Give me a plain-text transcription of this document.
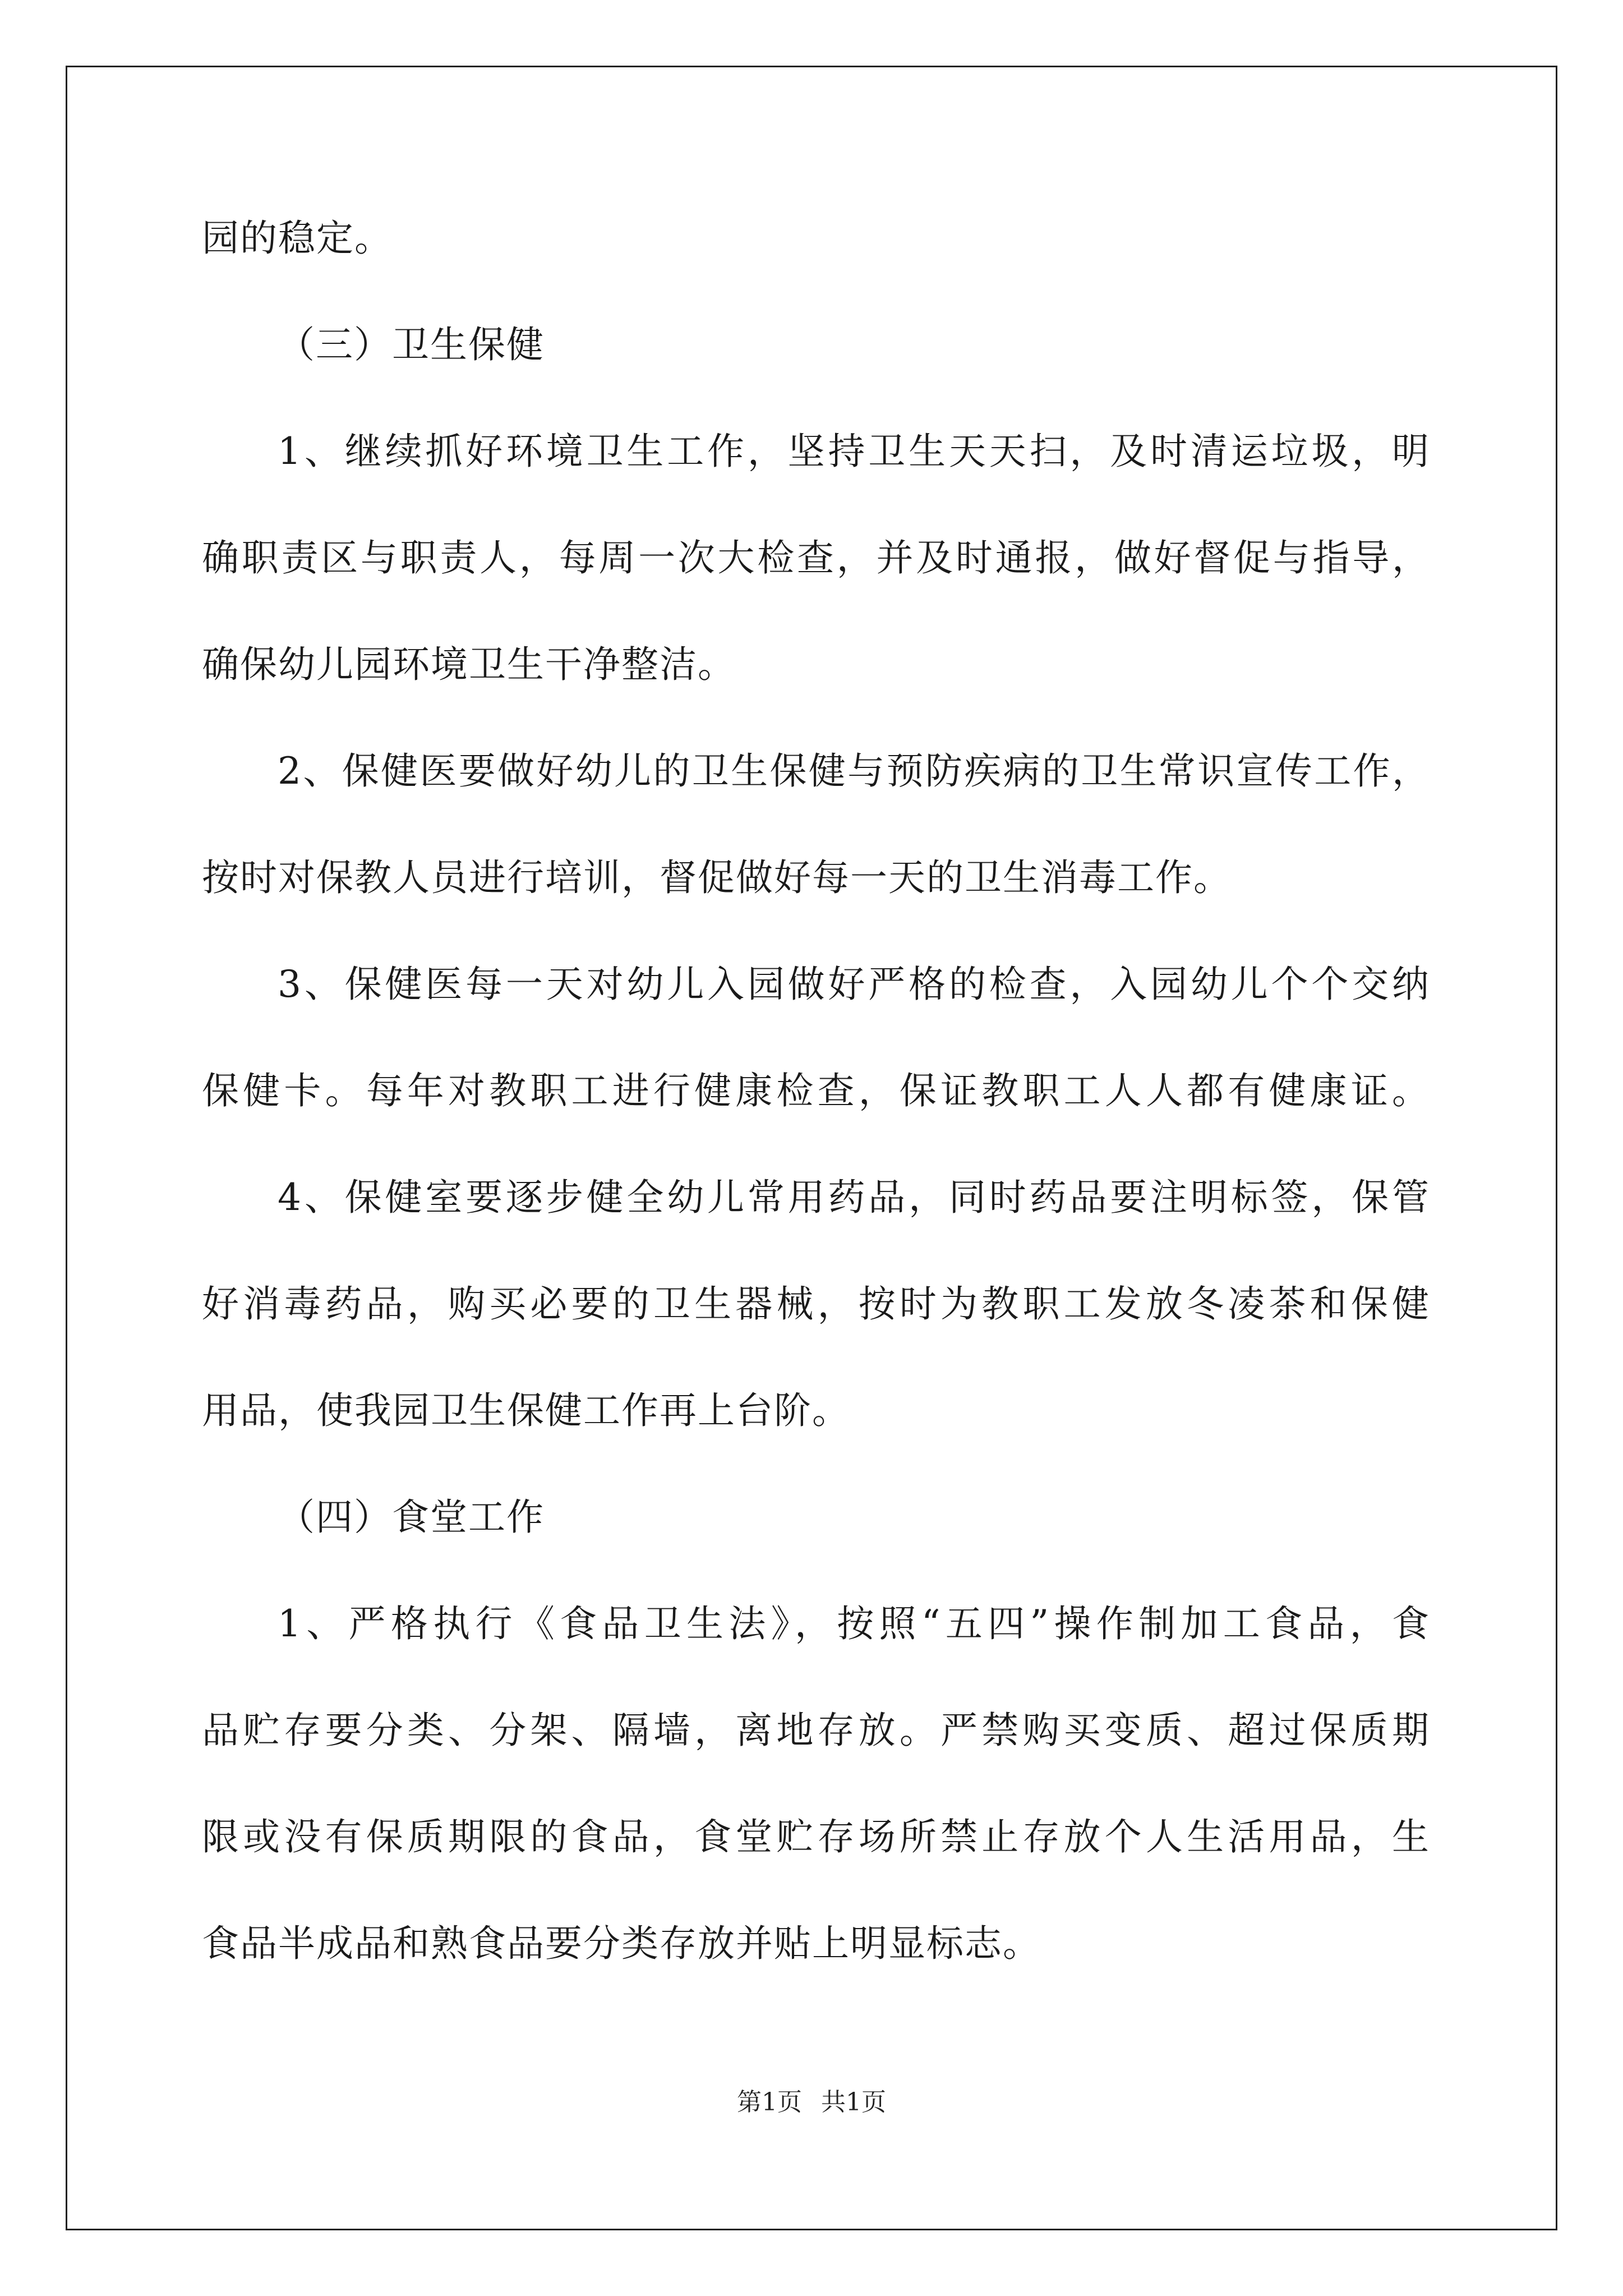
园的稳定。
（三）卫生保健
1、继续抓好环境卫生工作，坚持卫生天天扫，及时清运垃圾，明
确职责区与职责人，每周一次大检查，并及时通报，做好督促与指导，
确保幼儿园环境卫生干净整洁。
2、保健医要做好幼儿的卫生保健与预防疾病的卫生常识宣传工作，
按时对保教人员进行培训，督促做好每一天的卫生消毒工作。
3、保健医每一天对幼儿入园做好严格的检查，入园幼儿个个交纳
保健卡。每年对教职工进行健康检查，保证教职工人人都有健康证。
4、保健室要逐步健全幼儿常用药品，同时药品要注明标签，保管
好消毒药品，购买必要的卫生器械，按时为教职工发放冬凌茶和保健
用品，使我园卫生保健工作再上台阶。
（四）食堂工作
1、严格执行《食品卫生法》，按照“五四”操作制加工食品，食
品贮存要分类、分架、隔墙，离地存放。严禁购买变质、超过保质期
限或没有保质期限的食品，食堂贮存场所禁止存放个人生活用品，生
食品半成品和熟食品要分类存放并贴上明显标志。
第1页 共1页
